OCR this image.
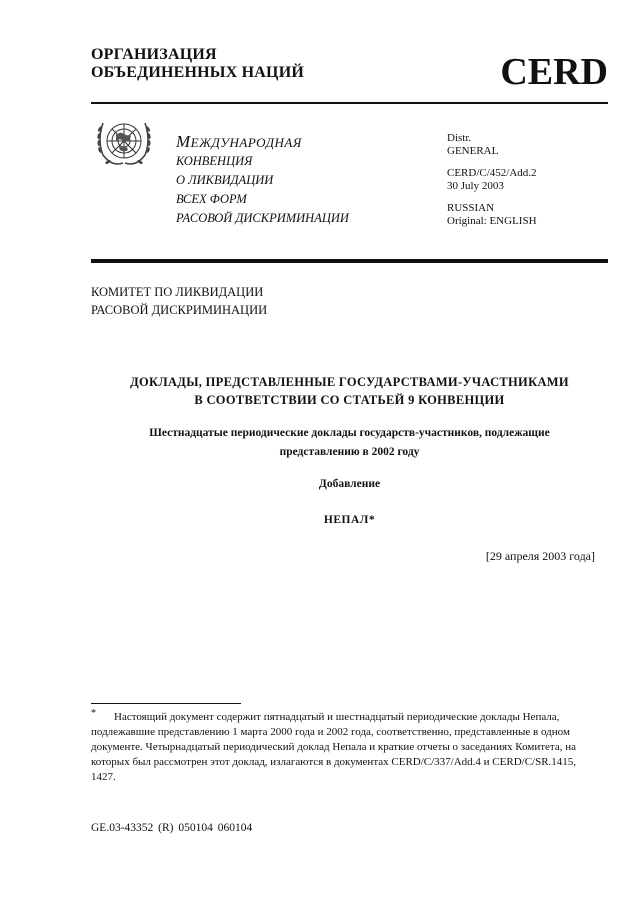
ОРГАНИЗАЦИЯ
ОБЪЕДИНЕННЫХ НАЦИЙ	CERD
МЕЖДУНАРОДНАЯ
КОНВЕНЦИЯ
О ЛИКВИДАЦИИ
ВСЕХ ФОРМ
РАСОВОЙ ДИСКРИМИНАЦИИ
Distr.
GENERAL
CERD/C/452/Add.2
30 July 2003
RUSSIAN
Original: ENGLISH
КОМИТЕТ ПО ЛИКВИДАЦИИ
РАСОВОЙ ДИСКРИМИНАЦИИ
ДОКЛАДЫ, ПРЕДСТАВЛЕННЫЕ ГОСУДАРСТВАМИ-УЧАСТНИКАМИ
В СООТВЕТСТВИИ СО СТАТЬЕЙ 9 КОНВЕНЦИИ
Шестнадцатые периодические доклады государств-участников, подлежащие
представлению в 2002 году
Добавление
НЕПАЛ*
[29 апреля 2003 года]
* Настоящий документ содержит пятнадцатый и шестнадцатый периодические доклады Непала, подлежавшие представлению 1 марта 2000 года и 2002 года, соответственно, представленные в одном документе. Четырнадцатый периодический доклад Непала и краткие отчеты о заседаниях Комитета, на которых был рассмотрен этот доклад, излагаются в документах CERD/C/337/Add.4 и CERD/C/SR.1415, 1427.
GE.03-43352 (R) 050104 060104
